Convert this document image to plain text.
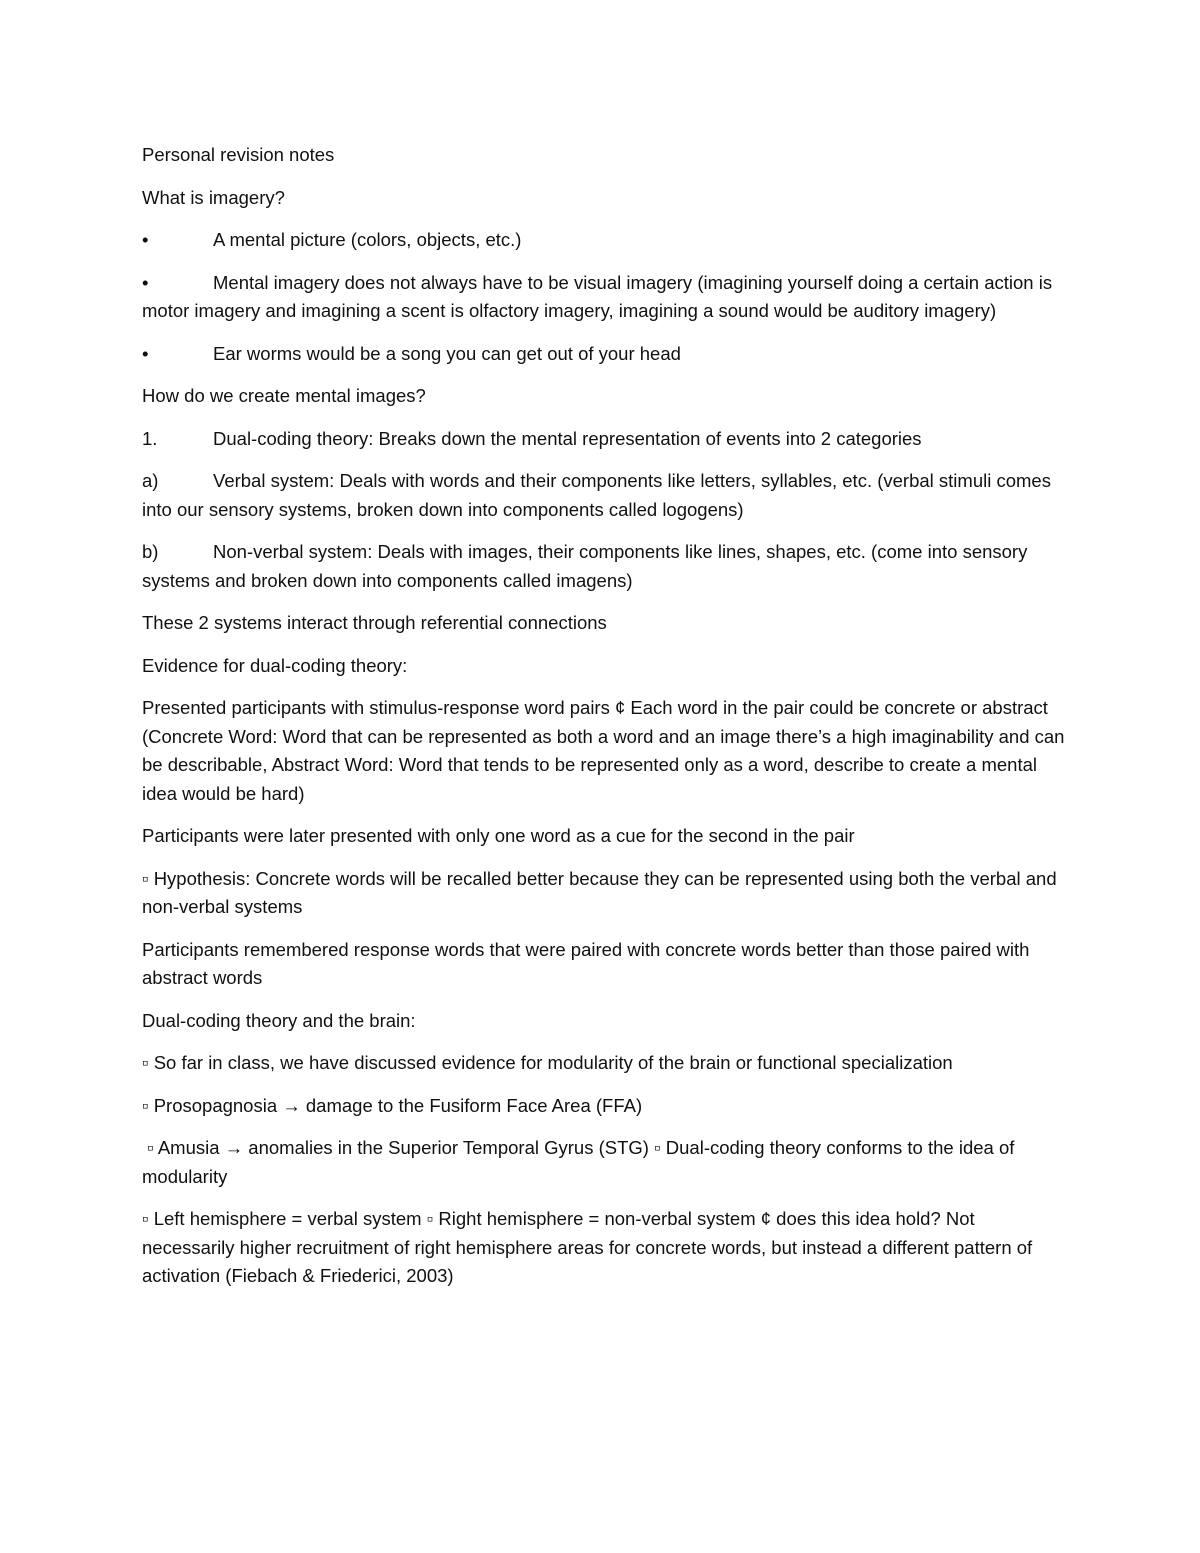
Personal revision notes

What is imagery?

•	A mental picture (colors, objects, etc.)
•	Mental imagery does not always have to be visual imagery (imagining yourself doing a certain action is motor imagery and imagining a scent is olfactory imagery, imagining a sound would be auditory imagery)
•	Ear worms would be a song you can get out of your head

How do we create mental images?

1.	Dual-coding theory: Breaks down the mental representation of events into 2 categories
a)	Verbal system: Deals with words and their components like letters, syllables, etc. (verbal stimuli comes into our sensory systems, broken down into components called logogens)
b)	Non-verbal system: Deals with images, their components like lines, shapes, etc. (come into sensory systems and broken down into components called imagens)

These 2 systems interact through referential connections

Evidence for dual-coding theory:

Presented participants with stimulus-response word pairs ¢ Each word in the pair could be concrete or abstract (Concrete Word: Word that can be represented as both a word and an image there’s a high imaginability and can be describable, Abstract Word: Word that tends to be represented only as a word, describe to create a mental idea would be hard)

Participants were later presented with only one word as a cue for the second in the pair

▫ Hypothesis: Concrete words will be recalled better because they can be represented using both the verbal and non-verbal systems

Participants remembered response words that were paired with concrete words better than those paired with abstract words

Dual-coding theory and the brain:

▫ So far in class, we have discussed evidence for modularity of the brain or functional specialization

▫ Prosopagnosia → damage to the Fusiform Face Area (FFA)

▫ Amusia → anomalies in the Superior Temporal Gyrus (STG) ▫ Dual-coding theory conforms to the idea of modularity

▫ Left hemisphere = verbal system ▫ Right hemisphere = non-verbal system ¢ does this idea hold? Not necessarily higher recruitment of right hemisphere areas for concrete words, but instead a different pattern of activation (Fiebach & Friederici, 2003)
